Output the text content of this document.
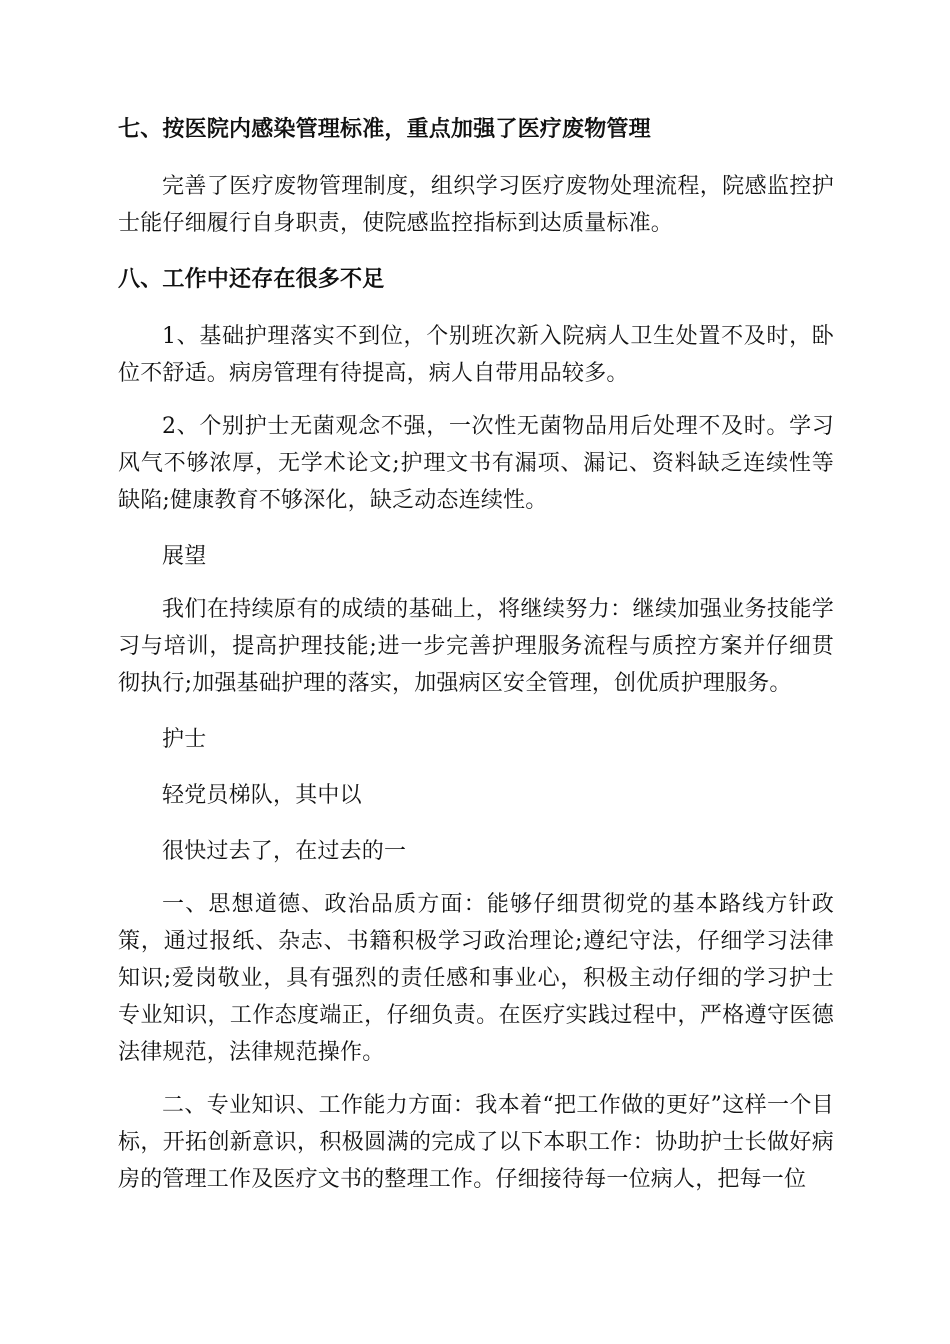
七、按医院内感染管理标准，重点加强了医疗废物管理

完善了医疗废物管理制度，组织学习医疗废物处理流程，院感监控护士能仔细履行自身职责，使院感监控指标到达质量标准。

八、工作中还存在很多不足

1、基础护理落实不到位，个别班次新入院病人卫生处置不及时，卧位不舒适。病房管理有待提高，病人自带用品较多。

2、个别护士无菌观念不强，一次性无菌物品用后处理不及时。学习风气不够浓厚，无学术论文;护理文书有漏项、漏记、资料缺乏连续性等缺陷;健康教育不够深化，缺乏动态连续性。

展望

我们在持续原有的成绩的基础上，将继续努力：继续加强业务技能学习与培训，提高护理技能;进一步完善护理服务流程与质控方案并仔细贯彻执行;加强基础护理的落实，加强病区安全管理，创优质护理服务。

护士

轻党员梯队，其中以

很快过去了，在过去的一

一、思想道德、政治品质方面：能够仔细贯彻党的基本路线方针政策，通过报纸、杂志、书籍积极学习政治理论;遵纪守法，仔细学习法律知识;爱岗敬业，具有强烈的责任感和事业心，积极主动仔细的学习护士专业知识，工作态度端正，仔细负责。在医疗实践过程中，严格遵守医德法律规范，法律规范操作。

二、专业知识、工作能力方面：我本着“把工作做的更好”这样一个目标，开拓创新意识，积极圆满的完成了以下本职工作：协助护士长做好病房的管理工作及医疗文书的整理工作。仔细接待每一位病人，把每一位
